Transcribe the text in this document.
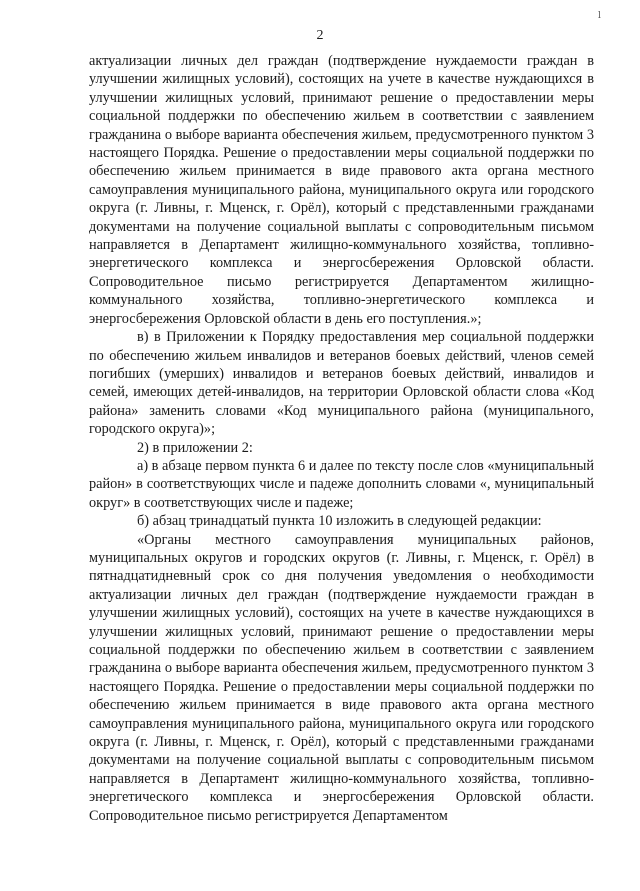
2
ⅼ

актуализации личных дел граждан (подтверждение нуждаемости граждан в улучшении жилищных условий), состоящих на учете в качестве нуждающихся в улучшении жилищных условий, принимают решение о предоставлении меры социальной поддержки по обеспечению жильем в соответствии с заявлением гражданина о выборе варианта обеспечения жильем, предусмотренного пунктом 3 настоящего Порядка. Решение о предоставлении меры социальной поддержки по обеспечению жильем принимается в виде правового акта органа местного самоуправления муниципального района, муниципального округа или городского округа (г. Ливны, г. Мценск, г. Орёл), который с представленными гражданами документами на получение социальной выплаты с сопроводительным письмом направляется в Департамент жилищно-коммунального хозяйства, топливно-энергетического комплекса и энергосбережения Орловской области. Сопроводительное письмо регистрируется Департаментом жилищно-коммунального хозяйства, топливно-энергетического комплекса и энергосбережения Орловской области в день его поступления.»;

в) в Приложении к Порядку предоставления мер социальной поддержки по обеспечению жильем инвалидов и ветеранов боевых действий, членов семей погибших (умерших) инвалидов и ветеранов боевых действий, инвалидов и семей, имеющих детей-инвалидов, на территории Орловской области слова «Код района» заменить словами «Код муниципального района (муниципального, городского округа)»;

2) в приложении 2:

а) в абзаце первом пункта 6 и далее по тексту после слов «муниципальный район» в соответствующих числе и падеже дополнить словами «, муниципальный округ» в соответствующих числе и падеже;

б) абзац тринадцатый пункта 10 изложить в следующей редакции:

«Органы местного самоуправления муниципальных районов, муниципальных округов и городских округов (г. Ливны, г. Мценск, г. Орёл) в пятнадцатидневный срок со дня получения уведомления о необходимости актуализации личных дел граждан (подтверждение нуждаемости граждан в улучшении жилищных условий), состоящих на учете в качестве нуждающихся в улучшении жилищных условий, принимают решение о предоставлении меры социальной поддержки по обеспечению жильем в соответствии с заявлением гражданина о выборе варианта обеспечения жильем, предусмотренного пунктом 3 настоящего Порядка. Решение о предоставлении меры социальной поддержки по обеспечению жильем принимается в виде правового акта органа местного самоуправления муниципального района, муниципального округа или городского округа (г. Ливны, г. Мценск, г. Орёл), который с представленными гражданами документами на получение социальной выплаты с сопроводительным письмом направляется в Департамент жилищно-коммунального хозяйства, топливно-энергетического комплекса и энергосбережения Орловской области. Сопроводительное письмо регистрируется Департаментом
